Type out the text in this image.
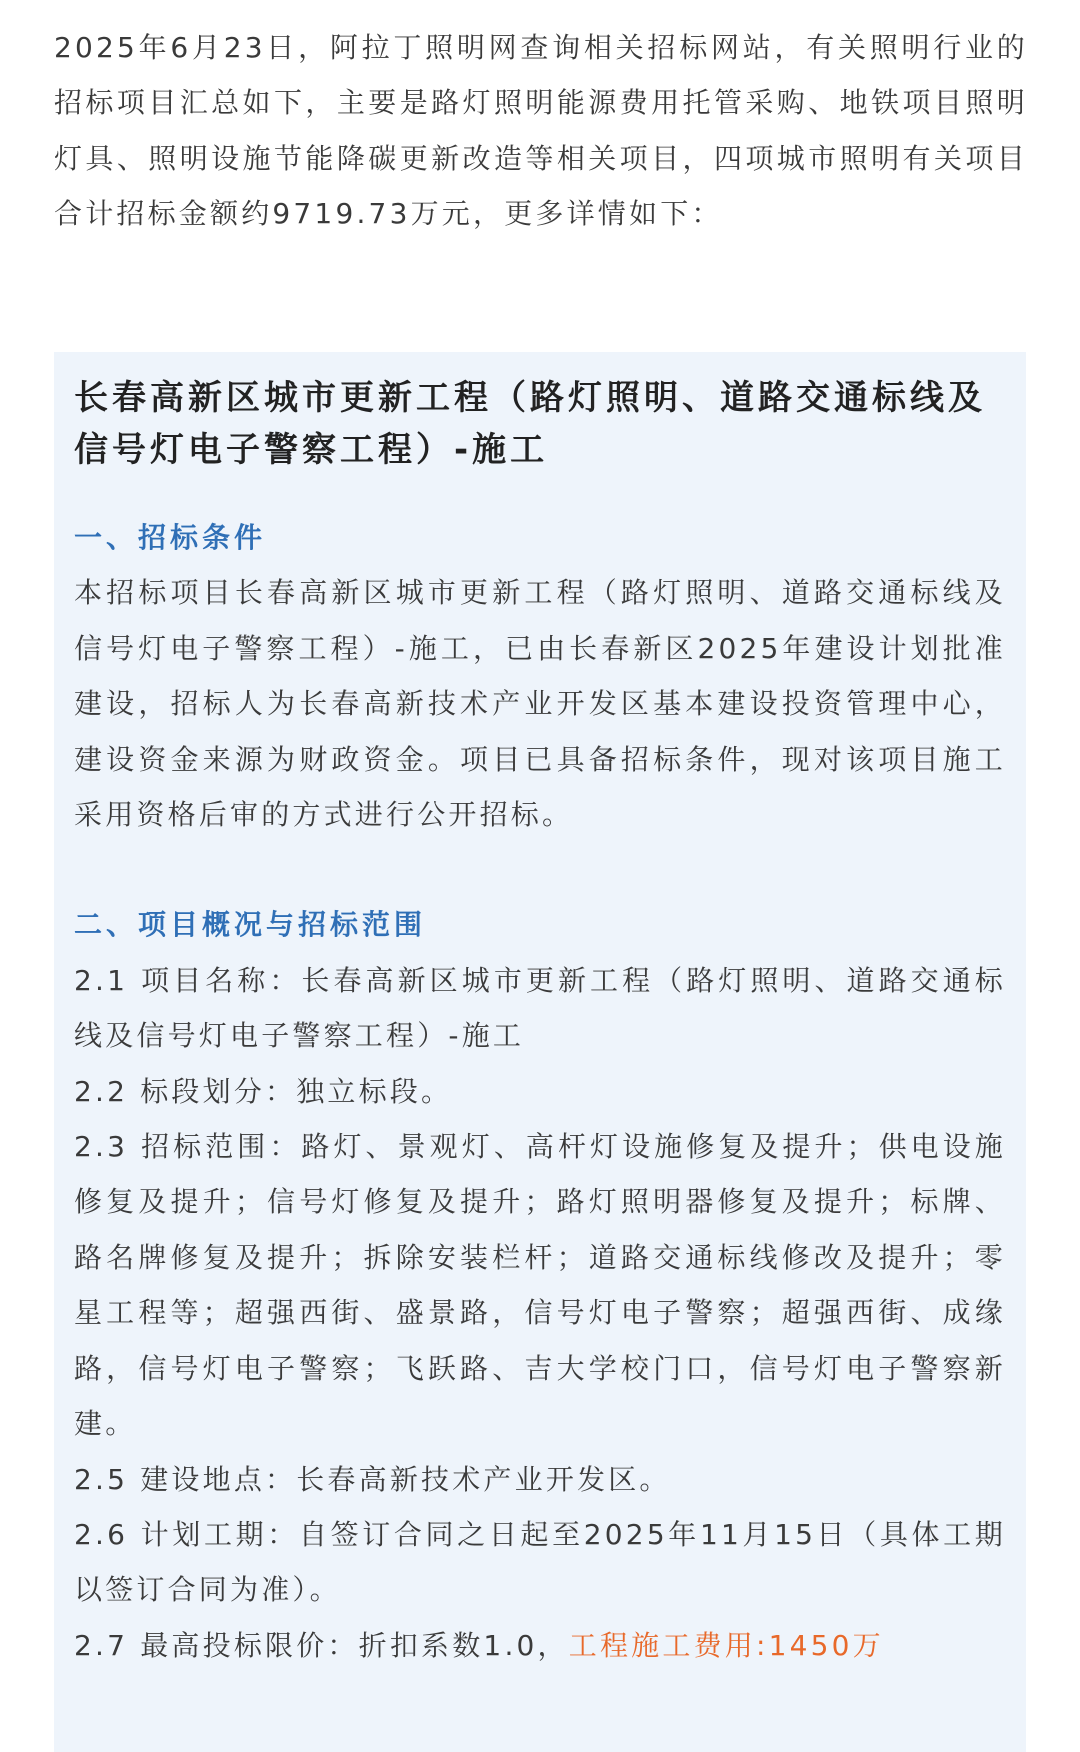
2025年6月23日，阿拉丁照明网查询相关招标网站，有关照明行业的招标项目汇总如下，主要是路灯照明能源费用托管采购、地铁项目照明灯具、照明设施节能降碳更新改造等相关项目，四项城市照明有关项目合计招标金额约9719.73万元，更多详情如下：
长春高新区城市更新工程（路灯照明、道路交通标线及信号灯电子警察工程）-施工
一、招标条件

本招标项目长春高新区城市更新工程（路灯照明、道路交通标线及信号灯电子警察工程）-施工，已由长春新区2025年建设计划批准建设，招标人为长春高新技术产业开发区基本建设投资管理中心，建设资金来源为财政资金。项目已具备招标条件，现对该项目施工采用资格后审的方式进行公开招标。

二、项目概况与招标范围

2.1 项目名称：长春高新区城市更新工程（路灯照明、道路交通标线及信号灯电子警察工程）-施工

2.2 标段划分：独立标段。

2.3 招标范围：路灯、景观灯、高杆灯设施修复及提升；供电设施修复及提升；信号灯修复及提升；路灯照明器修复及提升；标牌、路名牌修复及提升；拆除安装栏杆；道路交通标线修改及提升；零星工程等；超强西街、盛景路，信号灯电子警察；超强西街、成缘路，信号灯电子警察；飞跃路、吉大学校门口，信号灯电子警察新建。

2.5 建设地点：长春高新技术产业开发区。

2.6 计划工期：自签订合同之日起至2025年11月15日（具体工期以签订合同为准）。

2.7 最高投标限价：折扣系数1.0，工程施工费用:1450万
